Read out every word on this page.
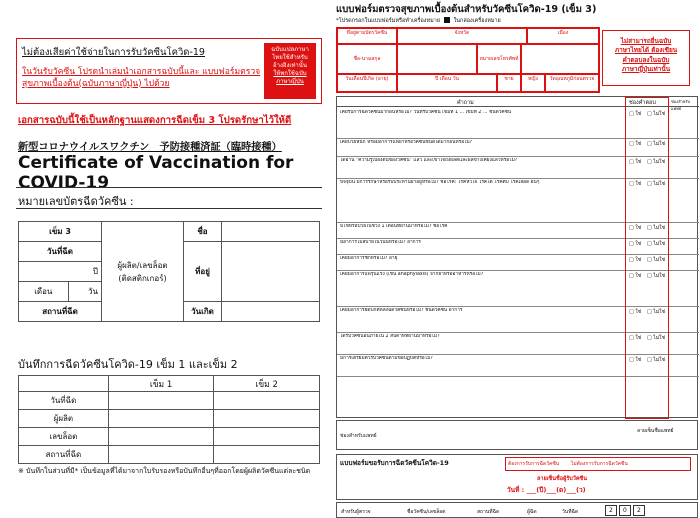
ไม่ต้องเสียค่าใช้จ่ายในการรับวัคซีนโควิด-19
ในวันรับวัคซีน โปรดนำเล่มนำเอกสารฉบับนี้และ แบบฟอร์มตรวจสุขภาพเบื้องต้น(ฉบับภาษาญี่ปุ่น) ไปด้วย
ฉบับแปลภาษา
ไทยใช้สำหรับ
อ้างอิงเท่านั้น
ให้พกใช้ฉบับ
ภาษาญี่ปุ่น
เอกสารฉบับนี้ใช้เป็นหลักฐานแสดงการฉีดเข็ม 3 โปรดรักษาไว้ให้ดี
新型コロナウイルスワクチン　予防接種済証（臨時接種）
Certificate of Vaccination for COVID-19
หมายเลขบัตรฉีดวัคซีน :
เข็ม 3		ผู้ผลิต/เลขล็อต
(ติดสติกเกอร์)	ชื่อ	
วันที่ฉีด			ที่อยู่	
ปี				
เดือน	วัน			
สถานที่ฉีด			วันเกิด	
บันทึกการฉีดวัคซีนโควิด-19 เข็ม 1 และเข็ม 2
	เข็ม 1	เข็ม 2
วันที่ฉีด		
ผู้ผลิต		
เลขล็อต		
สถานที่ฉีด		
※ บันทึกในส่วนที่มี* เป็นข้อมูลที่ได้มาจากใบรับรองหรือบันทึกอื่นๆที่ออกโดยผู้ผลิตวัคซีนแต่ละชนิด
แบบฟอร์มตรวจสุขภาพเบื้องต้นสำหรับวัคซีนโควิด-19 (เข็ม 3)
*โปรดกรอกในแบบฟอร์มหรือทำเครื่องหมาย ในกล่องเครื่องหมาย
ที่อยู่ตามบัตรวัคซีน	จังหวัด	เมือง
ชื่อ-นามสกุล	หมายเลขโทรศัพท์
วันเดือนปีเกิด (อายุ)	ปี เดือน วัน	ชาย	หญิง	วัดอุณหภูมิก่อนตรวจ
ไม่สามารถยื่นฉบับ
ภาษาไทยได้ ต้องเขียน
คำตอบลงในฉบับ
ภาษาญี่ปุ่นเท่านั้น
คำถาม	ช่องคำตอบ	ช่องสำหรับแพทย์
เคยรับการฉีดวัคซีนมาก่อนหรือไม่? วันที่รับวัคซีน เข็มที่ 1 ... เข็มที่ 2 ... ชนิดวัคซีน	□ ใช่ □ ไม่ใช่
เคยป่วยหนัก หรือมีอาการแพ้ยาหรือวัคซีนชนิดใดมาก่อนหรือไม่?	□ ใช่ □ ไม่ใช่
ได้อ่าน "ความรู้เบื้องต้นของวัคซีน" แล้ว และเข้าใจถึงผลดีและผลข้างเคียงแล้วหรือไม่?	□ ใช่ □ ไม่ใช่
ปัจจุบัน มีการรักษาหรือรับประทานยาอยู่หรือไม่? ชื่อโรค: โรคหัวใจ โรคไต โรคตับ โรคเลือด อื่นๆ	□ ใช่ □ ไม่ใช่
มีไข้หรือป่วยในช่วง 1 เดือนที่ผ่านมาหรือไม่? ชื่อโรค	□ ใช่ □ ไม่ใช่
มีอาการไม่สบายในวันนี้หรือไม่? อาการ	□ ใช่ □ ไม่ใช่
เคยมีอาการชักหรือไม่? อายุ	□ ใช่ □ ไม่ใช่
เคยมีอาการแพ้รุนแรง (เช่น anaphylaxis) จากยาหรืออาหารหรือไม่?	□ ใช่ □ ไม่ใช่
เคยมีอาการผิดปกติหลังฉีดวัคซีนหรือไม่? ชนิดวัคซีน อาการ	□ ใช่ □ ไม่ใช่
ได้รับวัคซีนอื่นภายใน 2 สัปดาห์ที่ผ่านมาหรือไม่?	□ ใช่ □ ไม่ใช่
มีการเตรียมตัวรับวัคซีนตามข้อปฏิบัติหรือไม่?	□ ใช่ □ ไม่ใช่
ช่องสำหรับแพทย์
ลายเซ็นชื่อแพทย์
แบบฟอร์มขอรับการฉีดวัคซีนโควิด-19	ต้องการรับการฉีดวัคซีน ไม่ต้องการรับการฉีดวัคซีน
ลายเซ็นชื่อผู้รับวัคซีน
วันที่ : ___(ปี)___(ด)___(ว)
สำหรับผู้ตรวจ	ชื่อวัคซีน/เลขล็อต	สถานที่ฉีด	ผู้ฉีด	วันที่ฉีด	2	0	2
